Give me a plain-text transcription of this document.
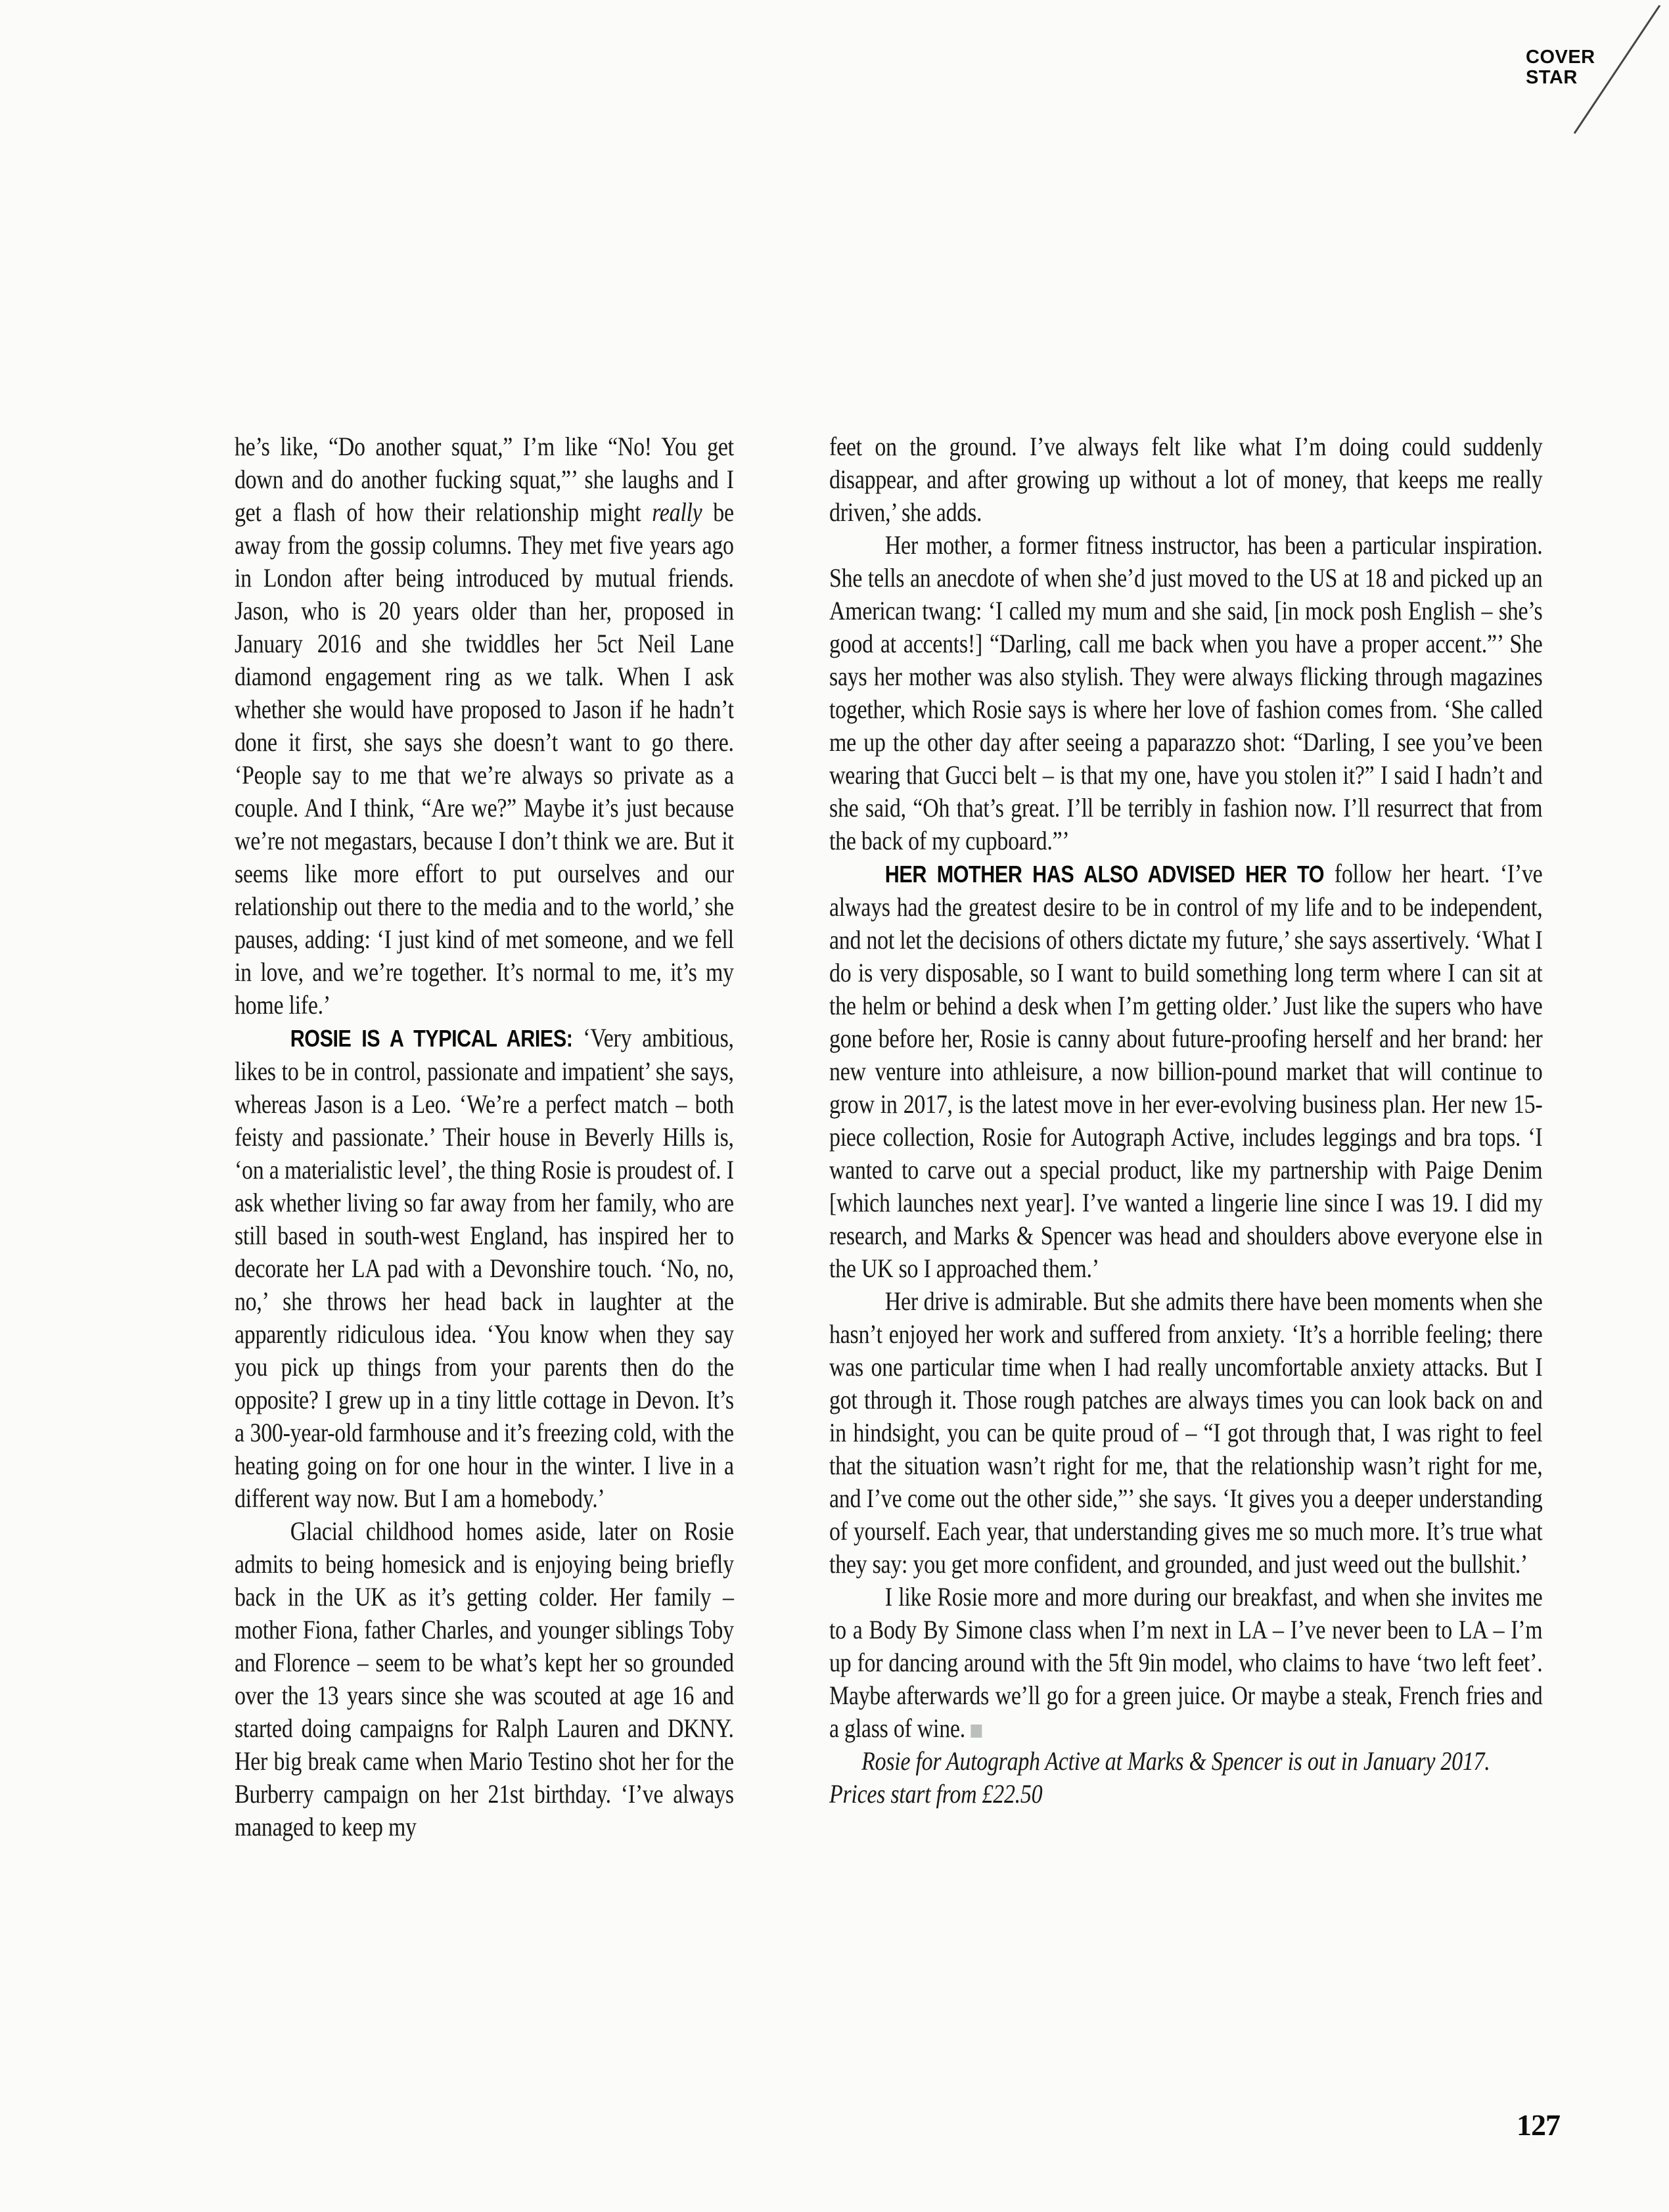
COVER
STAR

he’s like, “Do another squat,” I’m like “No! You get down and do another fucking squat,”’ she laughs and I get a flash of how their relationship might really be away from the gossip columns. They met five years ago in London after being introduced by mutual friends. Jason, who is 20 years older than her, proposed in January 2016 and she twiddles her 5ct Neil Lane diamond engagement ring as we talk. When I ask whether she would have proposed to Jason if he hadn’t done it first, she says she doesn’t want to go there. ‘People say to me that we’re always so private as a couple. And I think, “Are we?” Maybe it’s just because we’re not megastars, because I don’t think we are. But it seems like more effort to put ourselves and our relationship out there to the media and to the world,’ she pauses, adding: ‘I just kind of met someone, and we fell in love, and we’re together. It’s normal to me, it’s my home life.’

ROSIE IS A TYPICAL ARIES: ‘Very ambitious, likes to be in control, passionate and impatient’ she says, whereas Jason is a Leo. ‘We’re a perfect match – both feisty and passionate.’ Their house in Beverly Hills is, ‘on a materialistic level’, the thing Rosie is proudest of. I ask whether living so far away from her family, who are still based in south-west England, has inspired her to decorate her LA pad with a Devonshire touch. ‘No, no, no,’ she throws her head back in laughter at the apparently ridiculous idea. ‘You know when they say you pick up things from your parents then do the opposite? I grew up in a tiny little cottage in Devon. It’s a 300-year-old farmhouse and it’s freezing cold, with the heating going on for one hour in the winter. I live in a different way now. But I am a homebody.’

Glacial childhood homes aside, later on Rosie admits to being homesick and is enjoying being briefly back in the UK as it’s getting colder. Her family – mother Fiona, father Charles, and younger siblings Toby and Florence – seem to be what’s kept her so grounded over the 13 years since she was scouted at age 16 and started doing campaigns for Ralph Lauren and DKNY. Her big break came when Mario Testino shot her for the Burberry campaign on her 21st birthday. ‘I’ve always managed to keep my

feet on the ground. I’ve always felt like what I’m doing could suddenly disappear, and after growing up without a lot of money, that keeps me really driven,’ she adds.

Her mother, a former fitness instructor, has been a particular inspiration. She tells an anecdote of when she’d just moved to the US at 18 and picked up an American twang: ‘I called my mum and she said, [in mock posh English – she’s good at accents!] “Darling, call me back when you have a proper accent.”’ She says her mother was also stylish. They were always flicking through magazines together, which Rosie says is where her love of fashion comes from. ‘She called me up the other day after seeing a paparazzo shot: “Darling, I see you’ve been wearing that Gucci belt – is that my one, have you stolen it?” I said I hadn’t and she said, “Oh that’s great. I’ll be terribly in fashion now. I’ll resurrect that from the back of my cupboard.”’

HER MOTHER HAS ALSO ADVISED HER TO follow her heart. ‘I’ve always had the greatest desire to be in control of my life and to be independent, and not let the decisions of others dictate my future,’ she says assertively. ‘What I do is very disposable, so I want to build something long term where I can sit at the helm or behind a desk when I’m getting older.’ Just like the supers who have gone before her, Rosie is canny about future-proofing herself and her brand: her new venture into athleisure, a now billion-pound market that will continue to grow in 2017, is the latest move in her ever-evolving business plan. Her new 15-piece collection, Rosie for Autograph Active, includes leggings and bra tops. ‘I wanted to carve out a special product, like my partnership with Paige Denim [which launches next year]. I’ve wanted a lingerie line since I was 19. I did my research, and Marks & Spencer was head and shoulders above everyone else in the UK so I approached them.’

Her drive is admirable. But she admits there have been moments when she hasn’t enjoyed her work and suffered from anxiety. ‘It’s a horrible feeling; there was one particular time when I had really uncomfortable anxiety attacks. But I got through it. Those rough patches are always times you can look back on and in hindsight, you can be quite proud of – “I got through that, I was right to feel that the situation wasn’t right for me, that the relationship wasn’t right for me, and I’ve come out the other side,”’ she says. ‘It gives you a deeper understanding of yourself. Each year, that understanding gives me so much more. It’s true what they say: you get more confident, and grounded, and just weed out the bullshit.’

I like Rosie more and more during our breakfast, and when she invites me to a Body By Simone class when I’m next in LA – I’ve never been to LA – I’m up for dancing around with the 5ft 9in model, who claims to have ‘two left feet’. Maybe afterwards we’ll go for a green juice. Or maybe a steak, French fries and a glass of wine.

Rosie for Autograph Active at Marks & Spencer is out in January 2017. Prices start from £22.50

127
